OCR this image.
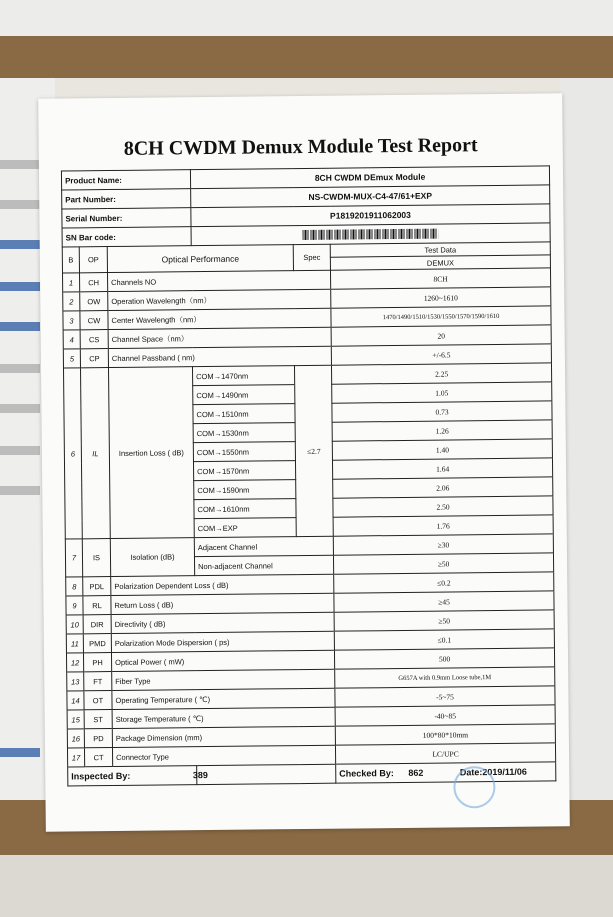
8CH CWDM Demux Module Test Report
Product Name:			8CH CWDM DEmux Module		
Part Number:			NS-CWDM-MUX-C4-47/61+EXP		
Serial Number:			P1819201911062003		
SN Bar code:					
B	OP	Optical Performance		Spec	Test Data
					DEMUX
1	CH	Channels NO			8CH
2	OW	Operation Wavelength（nm）			1260~1610
3	CW	Center Wavelength（nm）			1470/1490/1510/1530/1550/1570/1590/1610
4	CS	Channel Space（nm）			20
5	CP	Channel Passband ( nm)			+/-6.5
6	IL	Insertion Loss ( dB)	COM→1470nm	≤2.7	2.25
			COM→1490nm		1.05
			COM→1510nm		0.73
			COM→1530nm		1.26
			COM→1550nm		1.40
			COM→1570nm		1.64
			COM→1590nm		2.06
			COM→1610nm		2.50
			COM→EXP		1.76
7	IS	Isolation (dB)	Adjacent Channel		≥30
			Non-adjacent Channel		≥50
8	PDL	Polarization Dependent Loss ( dB)			≤0.2
9	RL	Return Loss ( dB)			≥45
10	DIR	Directivity ( dB)			≥50
11	PMD	Polarization Mode Dispersion ( ps)			≤0.1
12	PH	Optical Power ( mW)			500
13	FT	Fiber Type			G657A with 0.9mm Loose tube,1M
14	OT	Operating Temperature ( ℃)			-5~75
15	ST	Storage Temperature ( ℃)			-40~85
16	PD	Package Dimension (mm)			100*80*10mm
17	CT	Connector Type			LC/UPC
Inspected By: 389					Checked By: 862 Date:2019/11/06
